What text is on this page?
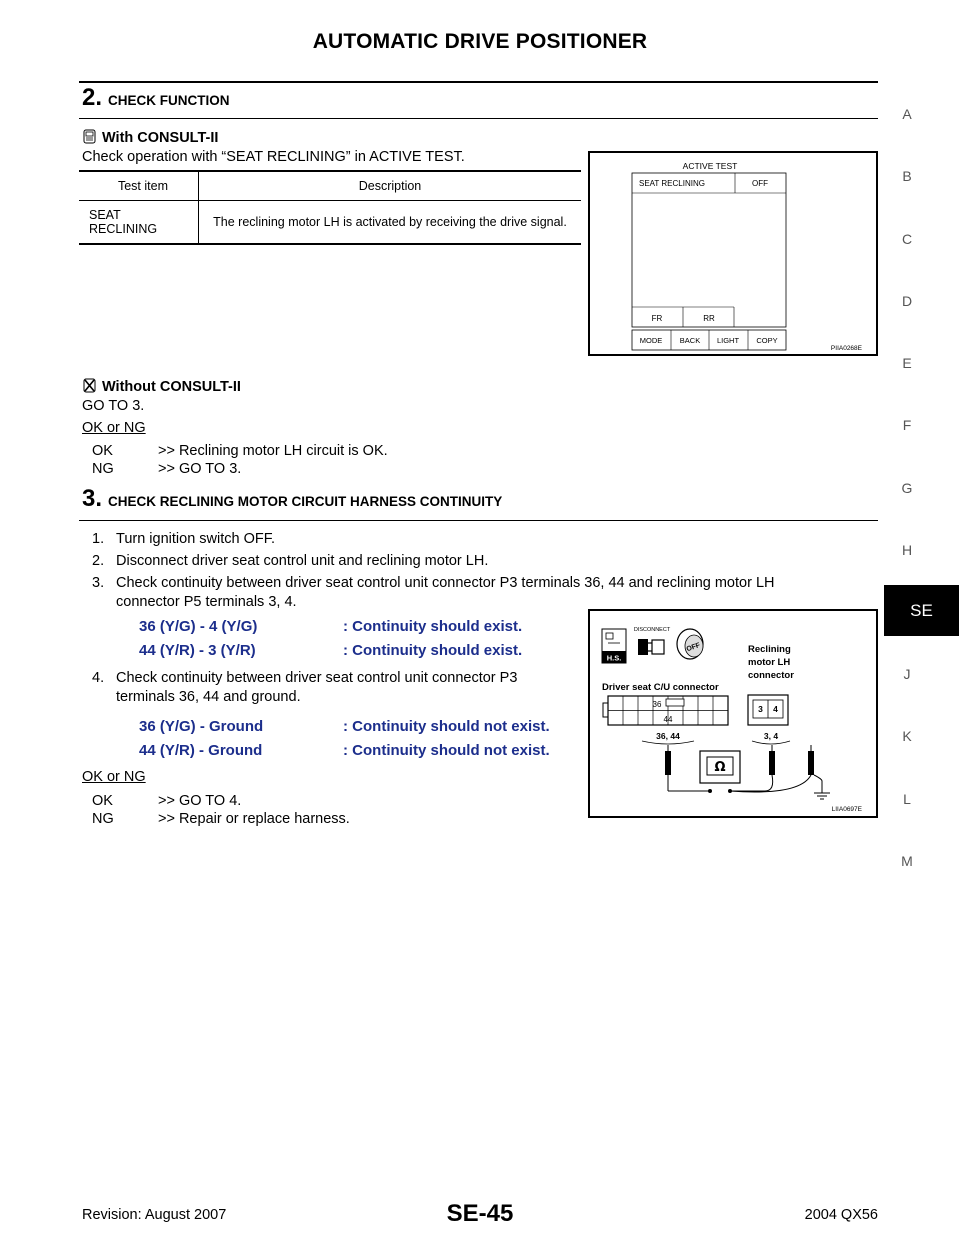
AUTOMATIC DRIVE POSITIONER
A
B
C
D
E
F
G
H
SE
J
K
L
M
2. CHECK FUNCTION
With CONSULT-II
Check operation with “SEAT RECLINING” in ACTIVE TEST.
Test item	Description
SEAT
RECLINING	The reclining motor LH is activated by receiving the drive signal.
ACTIVE TEST
SEAT RECLINING	OFF
FR	RR
MODE BACK LIGHT COPY
PIIA0268E
Without CONSULT-II
GO TO 3.
OK or NG
OK	>> Reclining motor LH circuit is OK.
NG	>> GO TO 3.
3. CHECK RECLINING MOTOR CIRCUIT HARNESS CONTINUITY
1. Turn ignition switch OFF.
2. Disconnect driver seat control unit and reclining motor LH.
3. Check continuity between driver seat control unit connector P3 terminals 36, 44 and reclining motor LH
connector P5 terminals 3, 4.
36 (Y/G) - 4 (Y/G)	: Continuity should exist.
44 (Y/R) - 3 (Y/R)	: Continuity should exist.
4. Check continuity between driver seat control unit connector P3
terminals 36, 44 and ground.
36 (Y/G) - Ground	: Continuity should not exist.
44 (Y/R) - Ground	: Continuity should not exist.
OK or NG
OK	>> GO TO 4.
NG	>> Repair or replace harness.
H.S.
DISCONNECT
OFF	Reclining
motor LH
connector
Driver seat C/U connector
36
44
3 4
36, 44	3, 4
Ω
LIIA0697E
Revision: August 2007	SE-45	2004 QX56
